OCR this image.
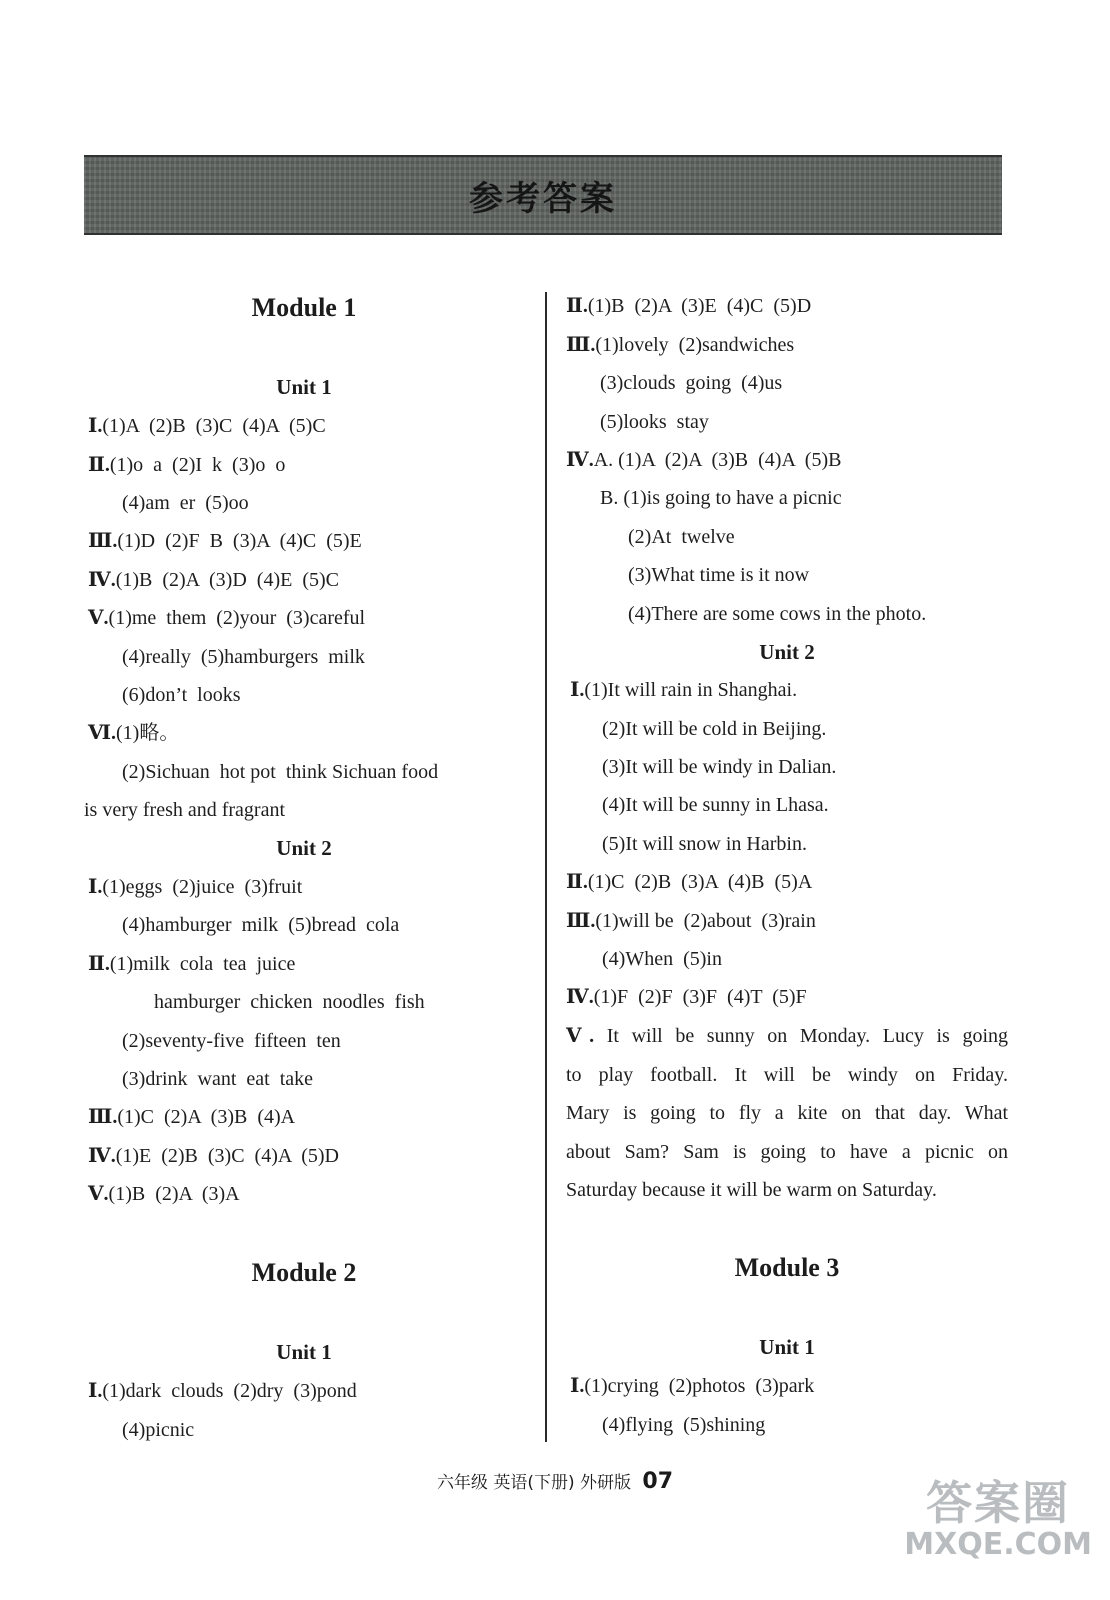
参考答案
Module 1
Unit 1
Ⅰ.(1)A  (2)B  (3)C  (4)A  (5)C
Ⅱ.(1)o  a  (2)I  k  (3)o  o
(4)am  er  (5)oo
Ⅲ.(1)D  (2)F  B  (3)A  (4)C  (5)E
Ⅳ.(1)B  (2)A  (3)D  (4)E  (5)C
Ⅴ.(1)me  them  (2)your  (3)careful
(4)really  (5)hamburgers  milk
(6)don’t  looks
Ⅵ.(1)略。
(2)Sichuan  hot pot  think Sichuan food
is very fresh and fragrant
Unit 2
Ⅰ.(1)eggs  (2)juice  (3)fruit
(4)hamburger  milk  (5)bread  cola
Ⅱ.(1)milk  cola  tea  juice
hamburger  chicken  noodles  fish
(2)seventy-five  fifteen  ten
(3)drink  want  eat  take
Ⅲ.(1)C  (2)A  (3)B  (4)A
Ⅳ.(1)E  (2)B  (3)C  (4)A  (5)D
Ⅴ.(1)B  (2)A  (3)A
Module 2
Unit 1
Ⅰ.(1)dark  clouds  (2)dry  (3)pond
(4)picnic
Ⅱ.(1)B  (2)A  (3)E  (4)C  (5)D
Ⅲ.(1)lovely  (2)sandwiches
(3)clouds  going  (4)us
(5)looks  stay
Ⅳ.A. (1)A  (2)A  (3)B  (4)A  (5)B
B. (1)is going to have a picnic
(2)At  twelve
(3)What time is it now
(4)There are some cows in the photo.
Unit 2
Ⅰ.(1)It will rain in Shanghai.
(2)It will be cold in Beijing.
(3)It will be windy in Dalian.
(4)It will be sunny in Lhasa.
(5)It will snow in Harbin.
Ⅱ.(1)C  (2)B  (3)A  (4)B  (5)A
Ⅲ.(1)will be  (2)about  (3)rain
(4)When  (5)in
Ⅳ.(1)F  (2)F  (3)F  (4)T  (5)F
Ⅴ. It will be sunny on Monday. Lucy is going
to play football. It will be windy on Friday.
Mary is going to fly a kite on that day. What
about Sam? Sam is going to have a picnic on
Saturday because it will be warm on Saturday.
Module 3
Unit 1
Ⅰ.(1)crying  (2)photos  (3)park
(4)flying  (5)shining
六年级 英语(下册) 外研版 07	答案圈
MXQE.COM
